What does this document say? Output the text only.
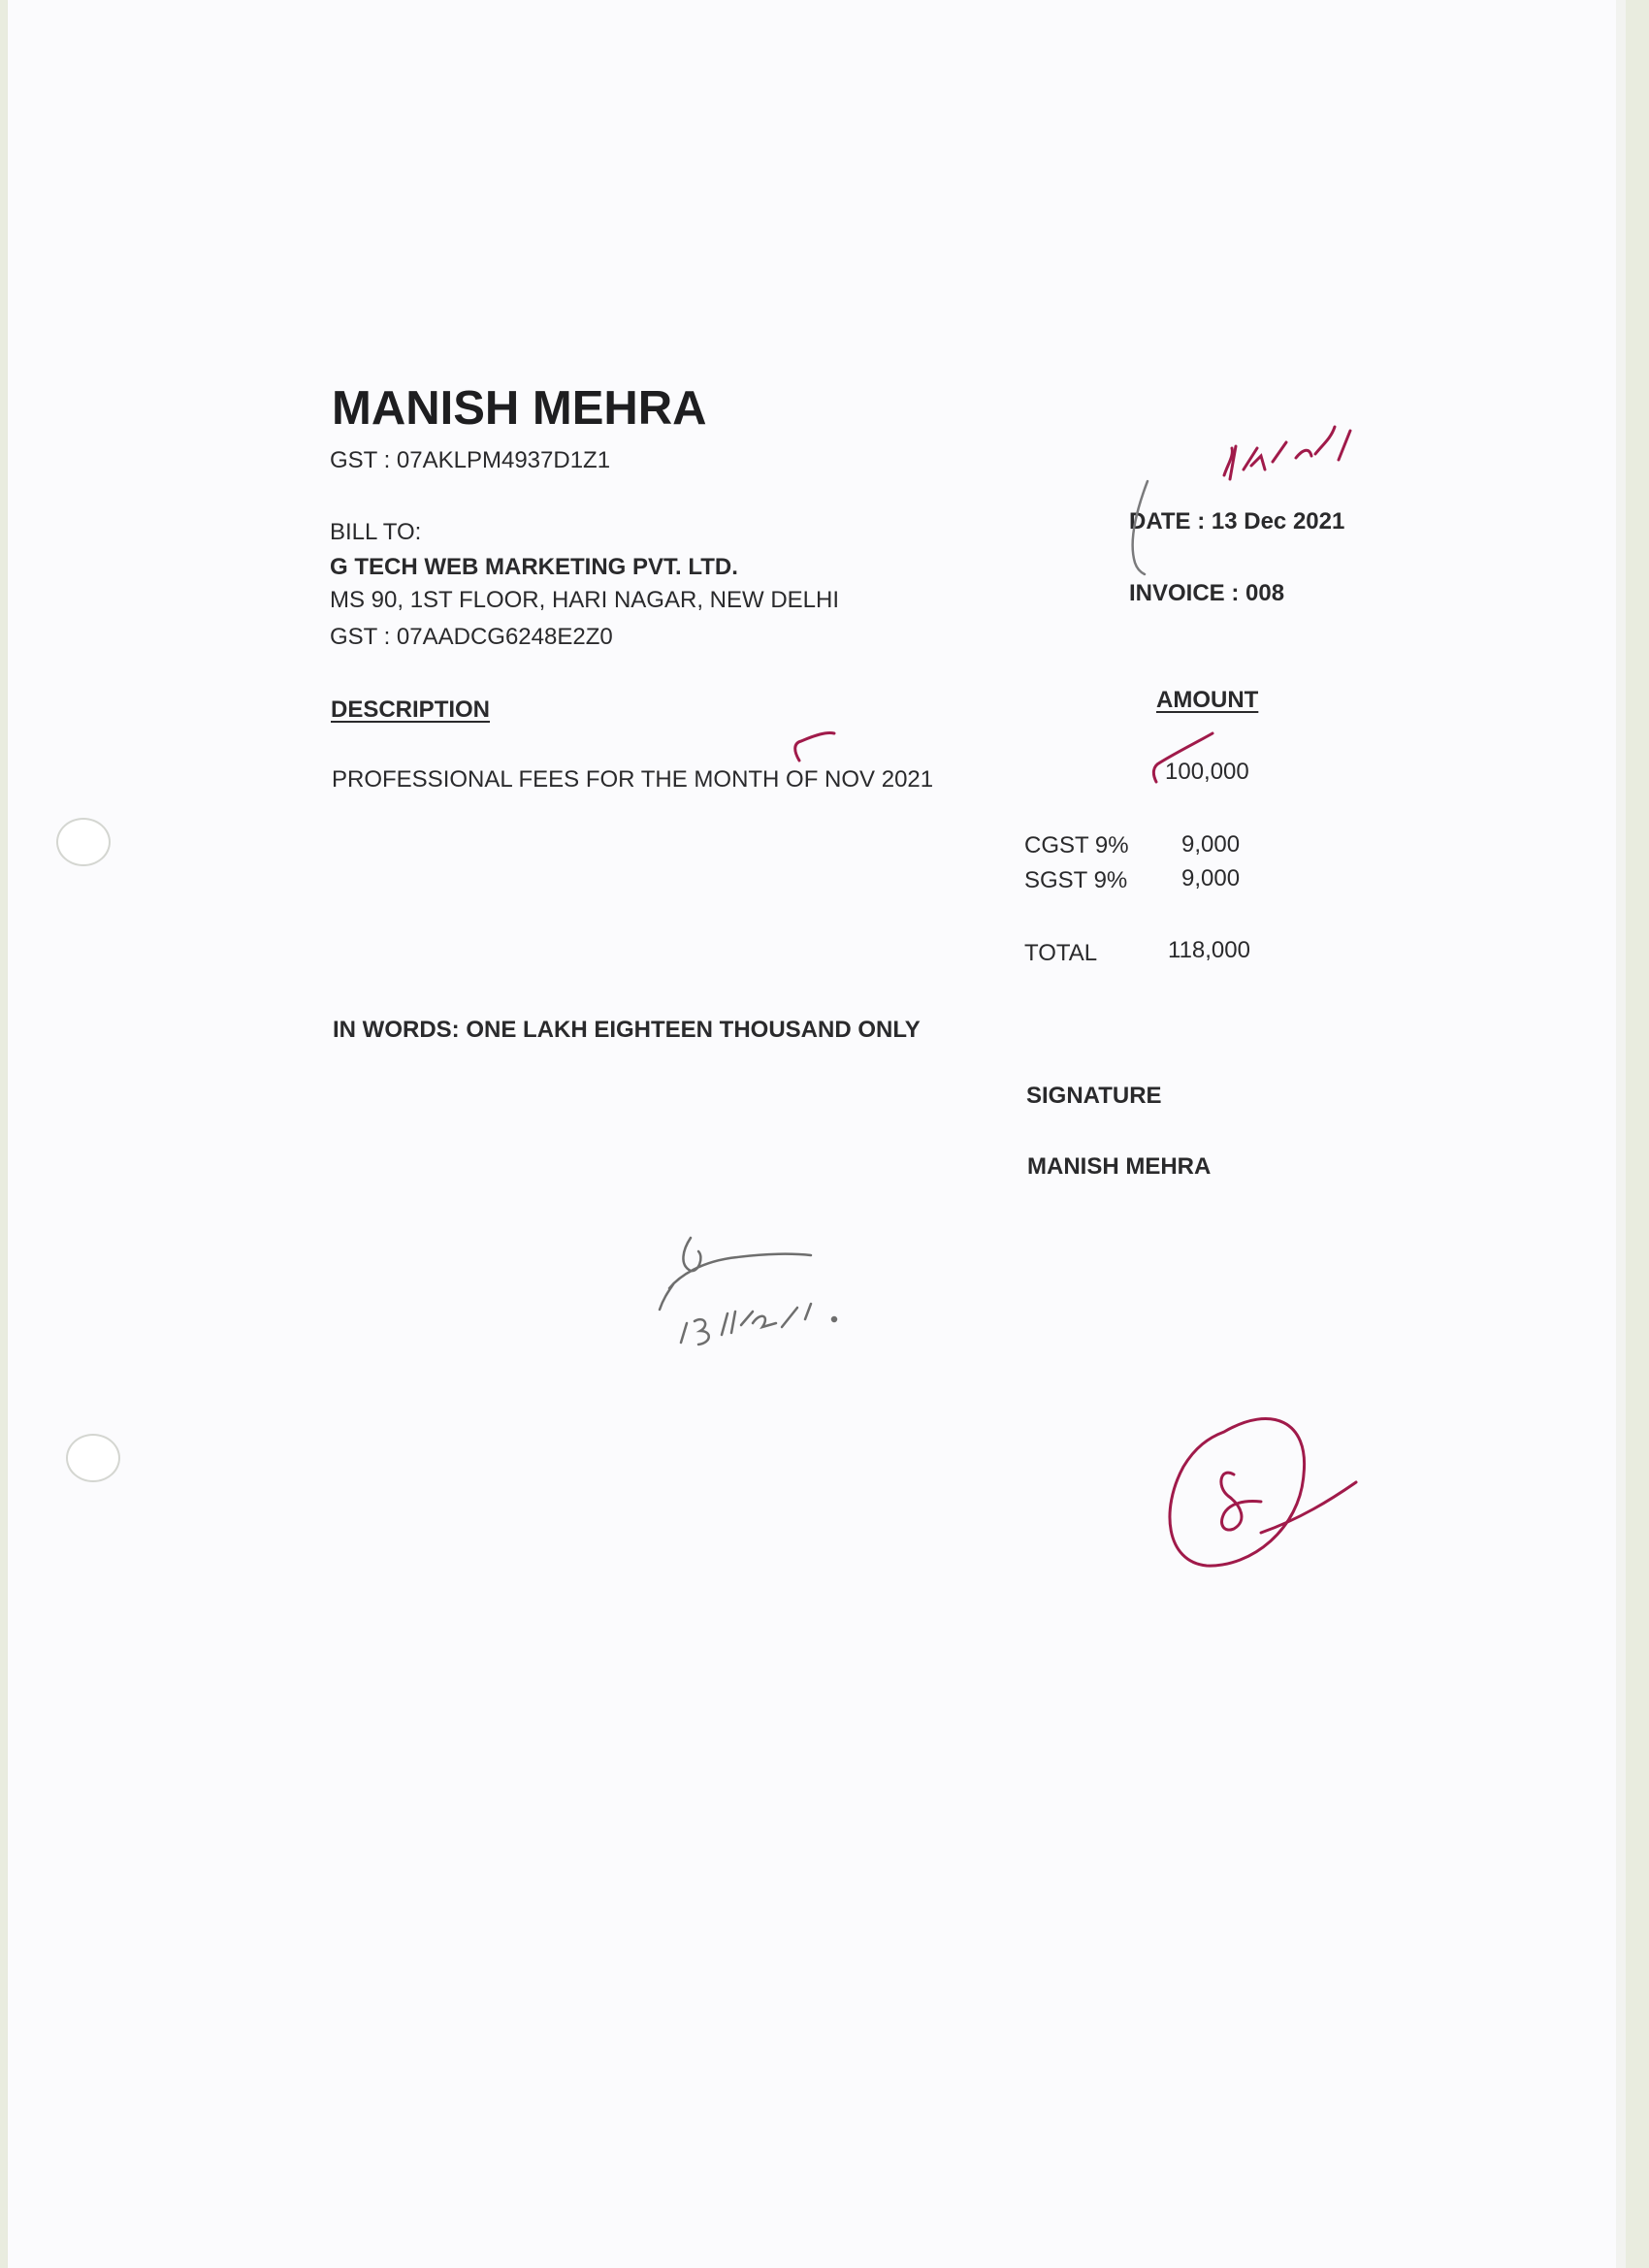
MANISH MEHRA
GST : 07AKLPM4937D1Z1
BILL TO:
G TECH WEB MARKETING PVT. LTD.
MS 90, 1ST FLOOR, HARI NAGAR, NEW DELHI
GST : 07AADCG6248E2Z0
DATE : 13 Dec 2021
INVOICE : 008
DESCRIPTION	AMOUNT
PROFESSIONAL FEES FOR THE MONTH OF NOV 2021	100,000
CGST 9% 9,000
SGST 9% 9,000
TOTAL	118,000
IN WORDS: ONE LAKH EIGHTEEN THOUSAND ONLY
SIGNATURE
MANISH MEHRA
